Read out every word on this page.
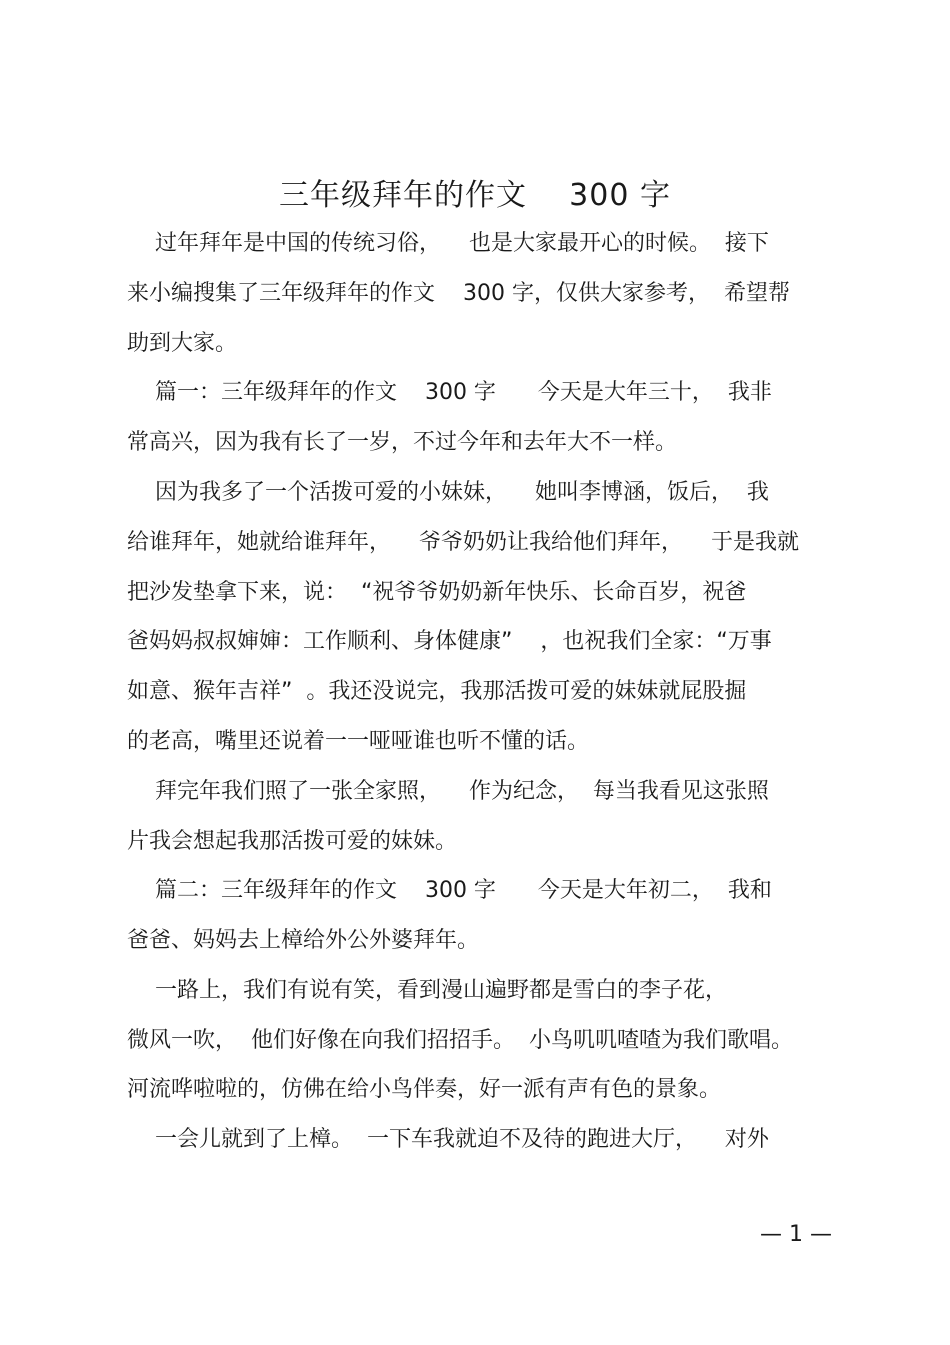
三年级拜年的作文    300 字
过年拜年是中国的传统习俗，    也是大家最开心的时候。  接下
来小编搜集了三年级拜年的作文    300 字，仅供大家参考，  希望帮
助到大家。
篇一：三年级拜年的作文    300 字      今天是大年三十，  我非
常高兴，因为我有长了一岁，不过今年和去年大不一样。
因为我多了一个活拨可爱的小妹妹，    她叫李博涵，饭后，  我
给谁拜年，她就给谁拜年，    爷爷奶奶让我给他们拜年，    于是我就
把沙发垫拿下来，说：  “祝爷爷奶奶新年快乐、长命百岁，祝爸
爸妈妈叔叔婶婶：工作顺利、身体健康”    ，也祝我们全家：“万事
如意、猴年吉祥”  。我还没说完，我那活拨可爱的妹妹就屁股掘
的老高，嘴里还说着一一哑哑谁也听不懂的话。
拜完年我们照了一张全家照，    作为纪念，  每当我看见这张照
片我会想起我那活拨可爱的妹妹。
篇二：三年级拜年的作文    300 字      今天是大年初二，  我和
爸爸、妈妈去上樟给外公外婆拜年。
一路上，我们有说有笑，看到漫山遍野都是雪白的李子花，
微风一吹，  他们好像在向我们招招手。  小鸟叽叽喳喳为我们歌唱。
河流哗啦啦的，仿佛在给小鸟伴奏，好一派有声有色的景象。
一会儿就到了上樟。  一下车我就迫不及待的跑进大厅，    对外
— 1 —
